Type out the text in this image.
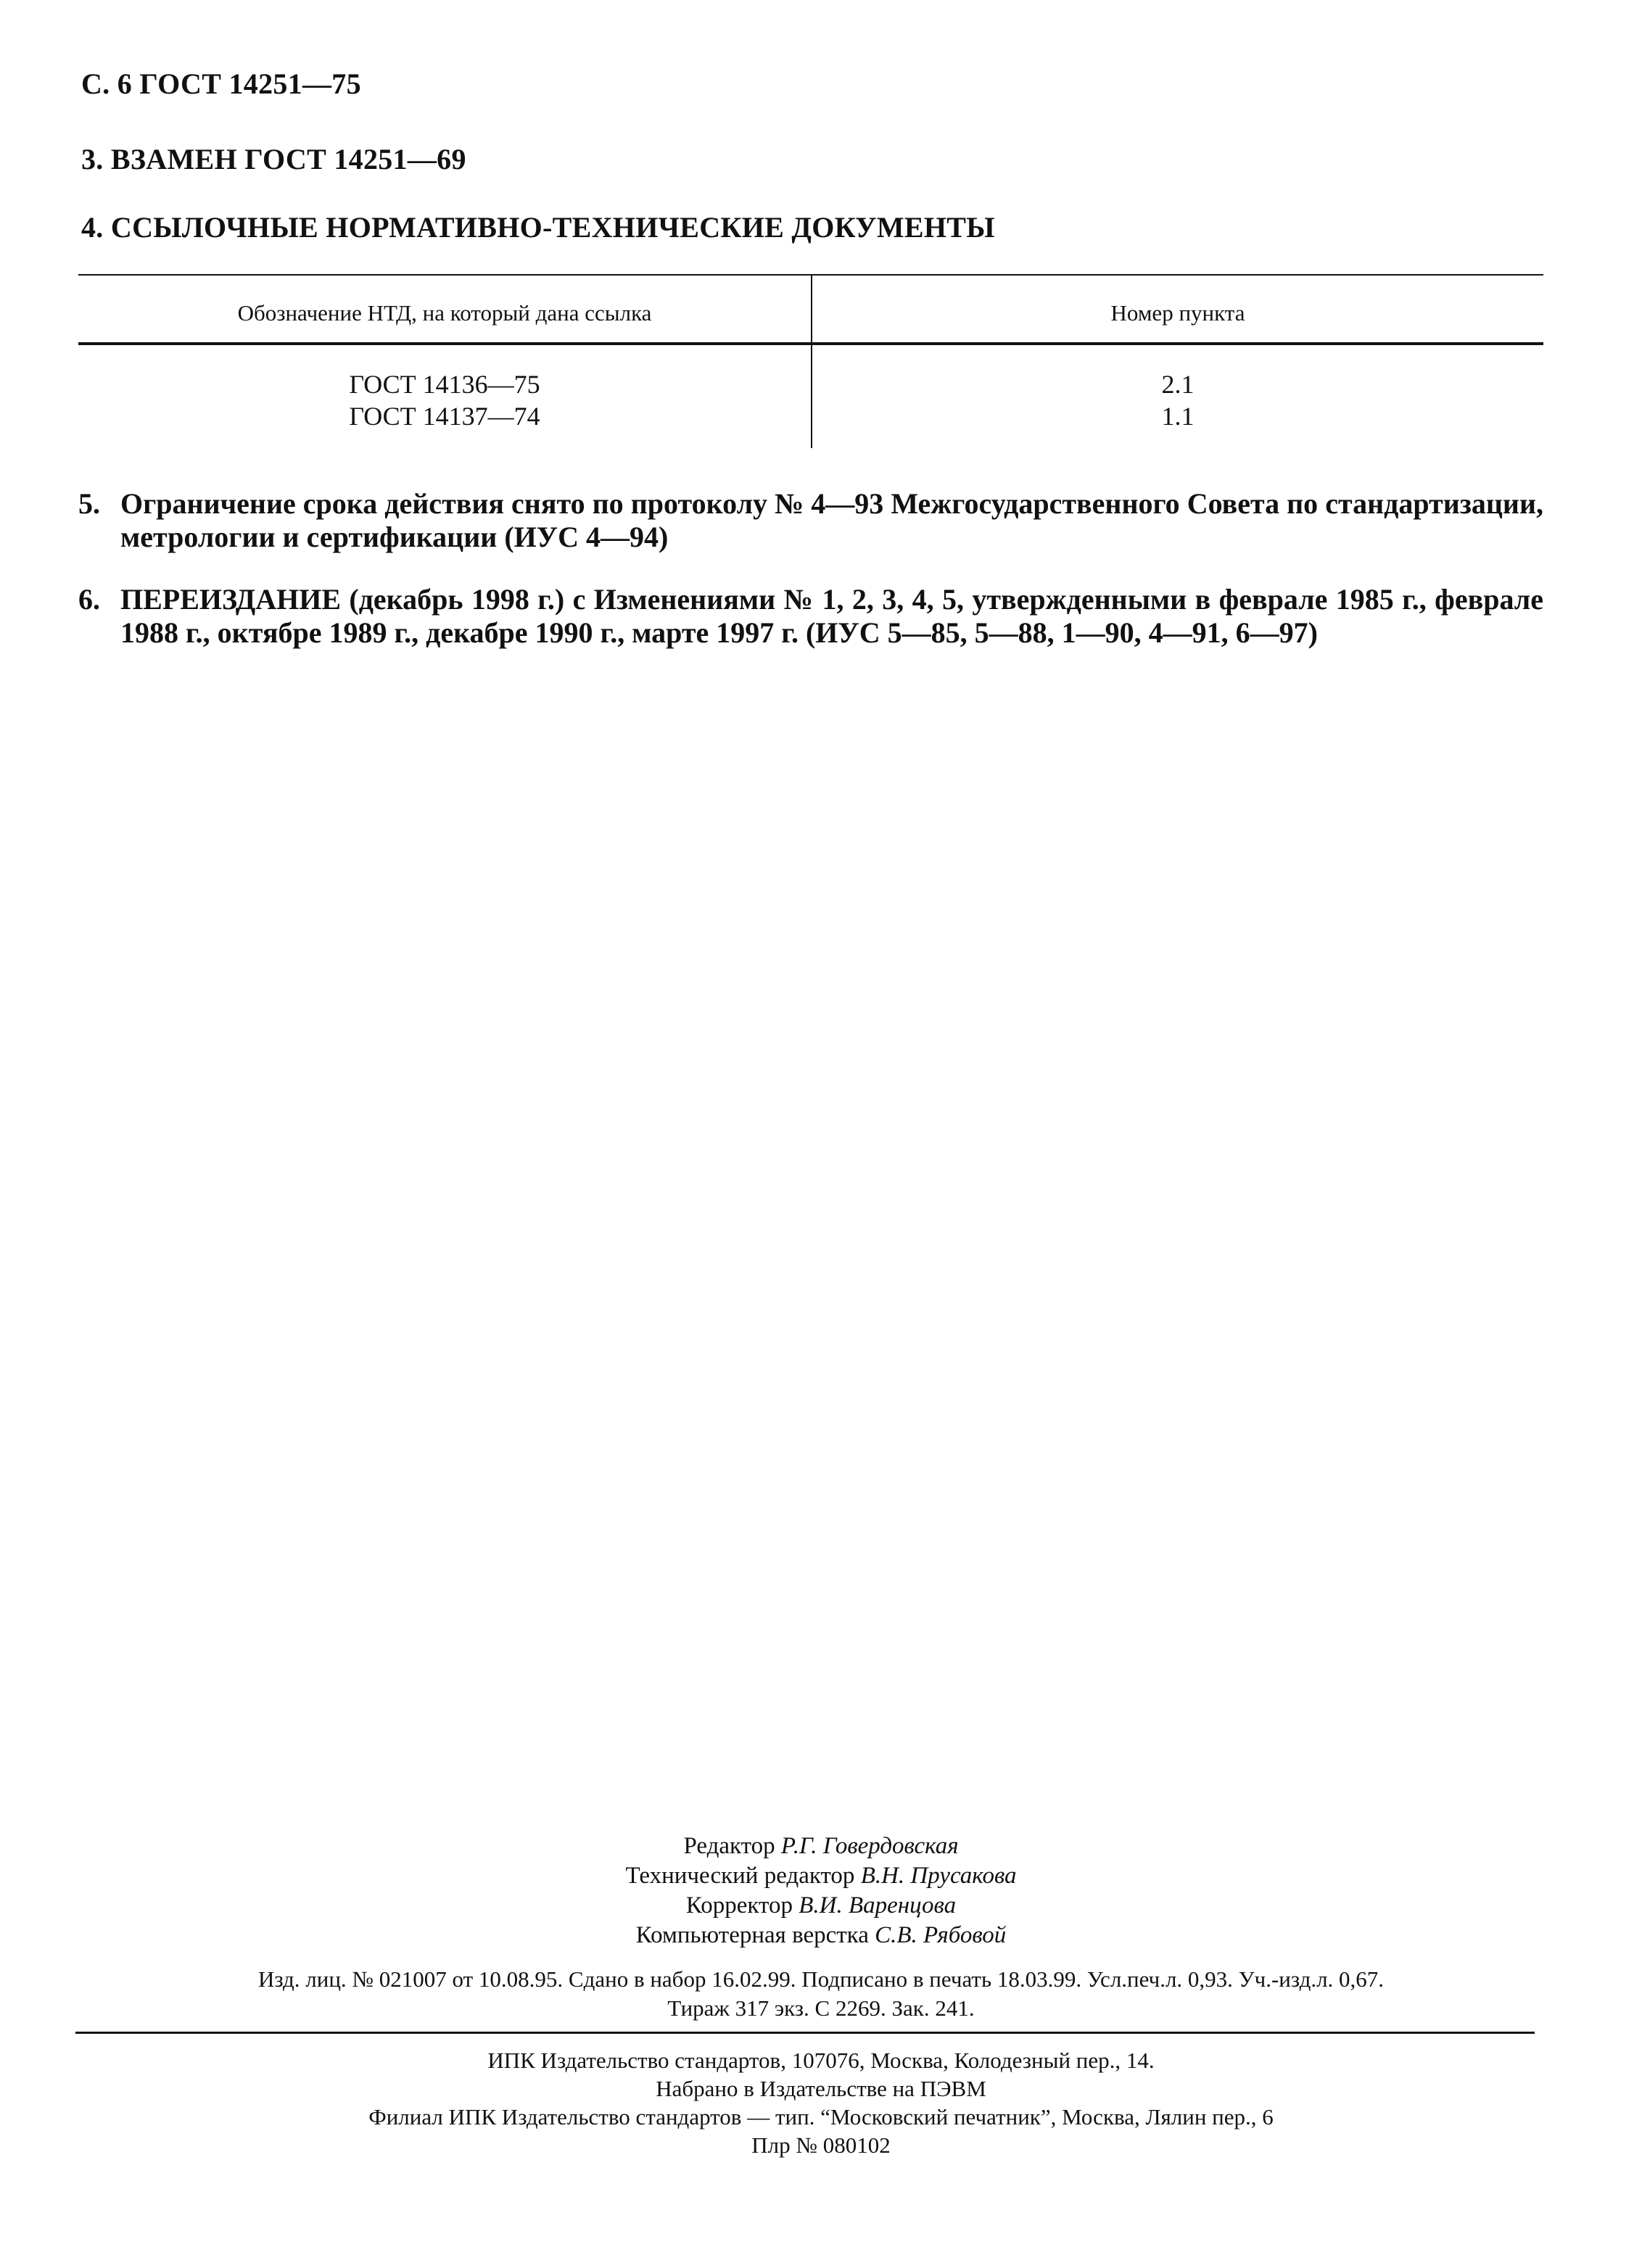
С. 6 ГОСТ 14251—75
3. ВЗАМЕН ГОСТ 14251—69
4. ССЫЛОЧНЫЕ НОРМАТИВНО-ТЕХНИЧЕСКИЕ ДОКУМЕНТЫ
Обозначение НТД, на который дана ссылка	Номер пункта
ГОСТ 14136—75
ГОСТ 14137—74
2.1
1.1
5. Ограничение срока действия снято по протоколу № 4—93 Межгосударственного Совета по стандартизации, метрологии и сертификации (ИУС 4—94)
6. ПЕРЕИЗДАНИЕ (декабрь 1998 г.) с Изменениями № 1, 2, 3, 4, 5, утвержденными в феврале 1985 г., феврале 1988 г., октябре 1989 г., декабре 1990 г., марте 1997 г. (ИУС 5—85, 5—88, 1—90, 4—91, 6—97)
Редактор Р.Г. Говердовская
Технический редактор В.Н. Прусакова
Корректор В.И. Варенцова
Компьютерная верстка С.В. Рябовой
Изд. лиц. № 021007 от 10.08.95. Сдано в набор 16.02.99. Подписано в печать 18.03.99. Усл.печ.л. 0,93. Уч.-изд.л. 0,67.
Тираж 317 экз. С 2269. Зак. 241.
ИПК Издательство стандартов, 107076, Москва, Колодезный пер., 14.
Набрано в Издательстве на ПЭВМ
Филиал ИПК Издательство стандартов — тип. “Московский печатник”, Москва, Лялин пер., 6
Плр № 080102
